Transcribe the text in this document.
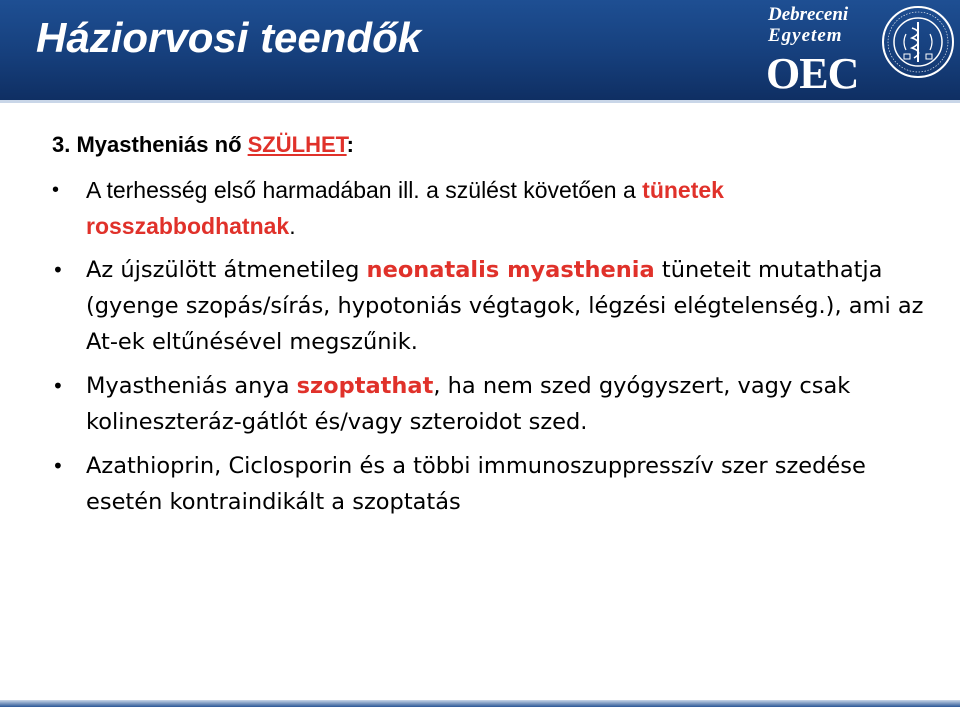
Háziorvosi teendők	Debreceni
Egyetem
OEC
3. Myastheniás nő SZÜLHET:
• A terhesség első harmadában ill. a szülést követően a tünetek rosszabbodhatnak.
• Az újszülött átmenetileg neonatalis myasthenia tüneteit mutathatja (gyenge szopás/sírás, hypotoniás végtagok, légzési elégtelenség.), ami az At-ek eltűnésével megszűnik.
• Myastheniás anya szoptathat, ha nem szed gyógyszert, vagy csak kolineszteráz-gátlót és/vagy szteroidot szed.
• Azathioprin, Ciclosporin és a többi immunoszuppresszív szer szedése esetén kontraindikált a szoptatás
